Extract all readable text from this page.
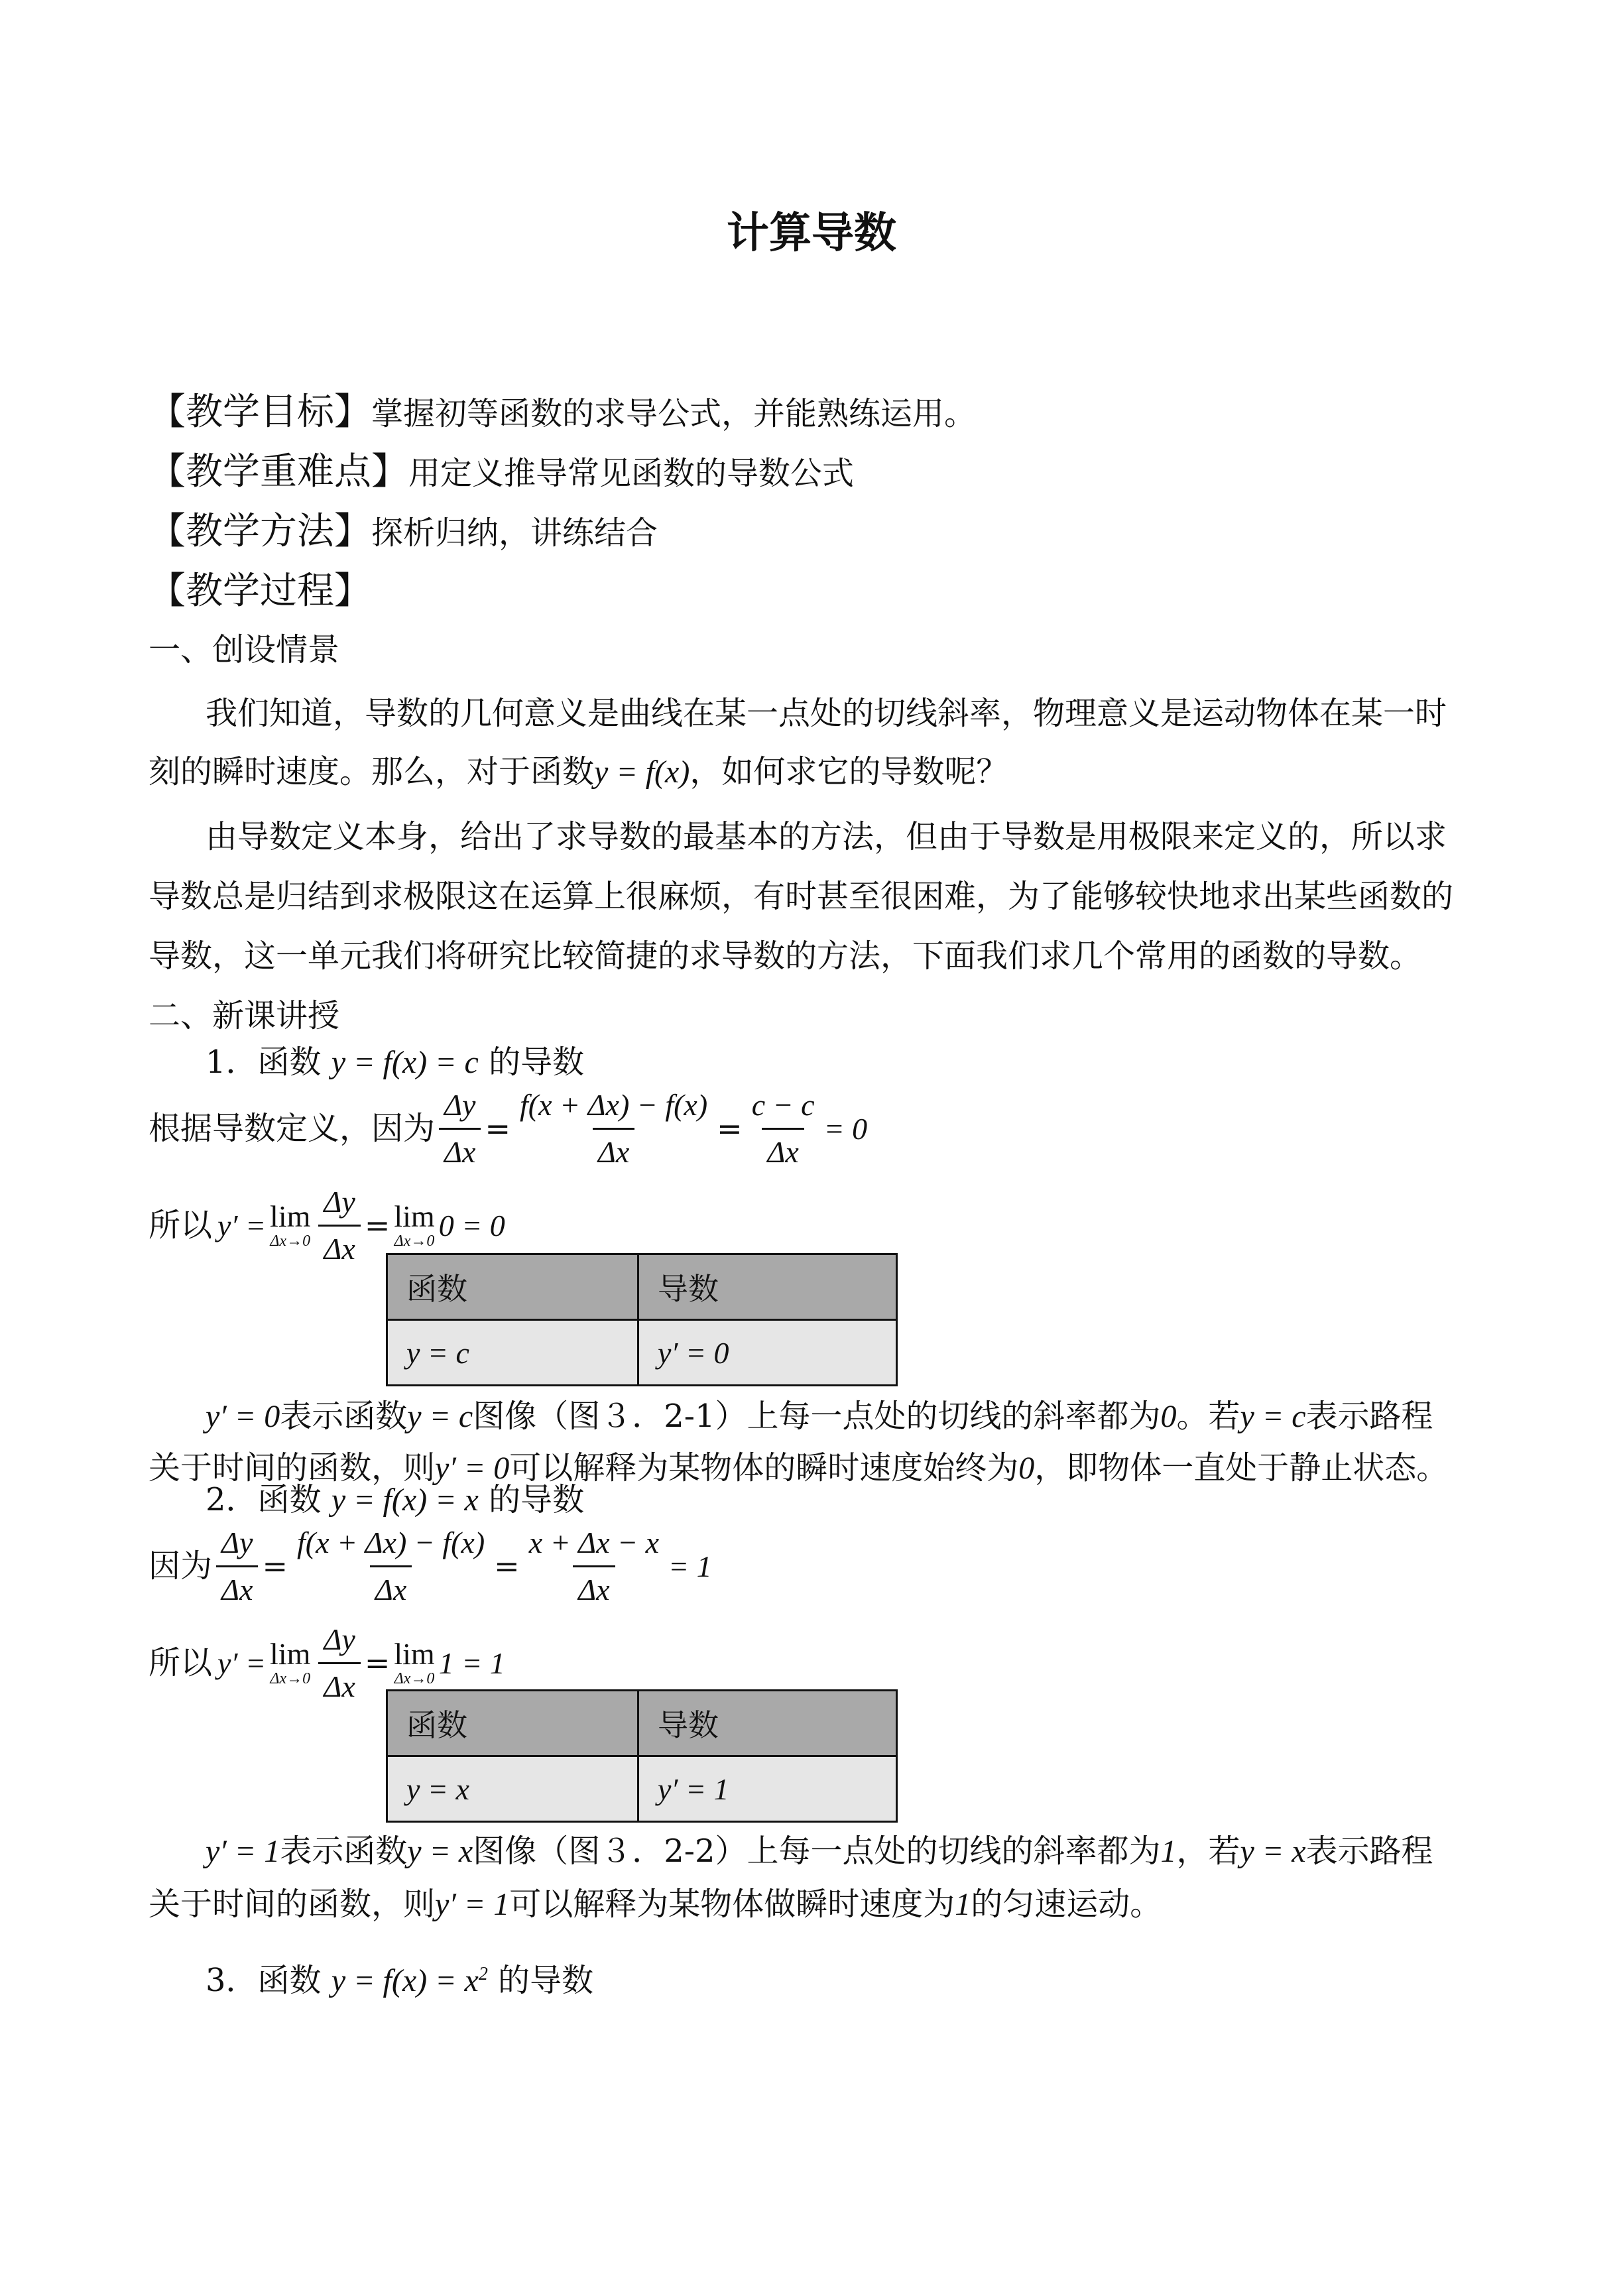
计算导数
【教学目标】掌握初等函数的求导公式，并能熟练运用。
【教学重难点】用定义推导常见函数的导数公式
【教学方法】探析归纳，讲练结合
【教学过程】
一、创设情景
我们知道，导数的几何意义是曲线在某一点处的切线斜率，物理意义是运动物体在某一时
刻的瞬时速度。那么，对于函数y = f(x)，如何求它的导数呢？
由导数定义本身，给出了求导数的最基本的方法，但由于导数是用极限来定义的，所以求
导数总是归结到求极限这在运算上很麻烦，有时甚至很困难，为了能够较快地求出某些函数的
导数，这一单元我们将研究比较简捷的求导数的方法，下面我们求几个常用的函数的导数。
二、新课讲授
1．函数 y = f(x) = c 的导数
根据导数定义，因为 $\frac{\Delta y}{\Delta x} = \frac{f(x + \Delta x) - f(x)}{\Delta x} = \frac{c - c}{\Delta x} = 0$
所以 y′ = lim
$\Delta x\to 0 \frac{\Delta y}{\Delta x} = \lim$
Δx→0 0 = 0
函数	导数
y = c	y′ = 0
y′ = 0表示函数y = c图像（图３．2-1）上每一点处的切线的斜率都为0。若y = c表示路程
关于时间的函数，则y′ = 0可以解释为某物体的瞬时速度始终为0，即物体一直处于静止状态。
2．函数 y = f(x) = x 的导数
因为 $\frac{\Delta y}{\Delta x} = \frac{f(x + \Delta x) - f(x)}{\Delta x} = \frac{x + \Delta x - x}{\Delta x} = 1$
所以 y′ = lim
$\Delta x\to 0 \frac{\Delta y}{\Delta x} = \lim$
Δx→0 1 = 1
函数	导数
y = x	y′ = 1
y′ = 1表示函数y = x图像（图３．2-2）上每一点处的切线的斜率都为1，若y = x表示路程
关于时间的函数，则y′ = 1可以解释为某物体做瞬时速度为1的匀速运动。
3．函数 $y = f(x) = x^2$ 的导数
